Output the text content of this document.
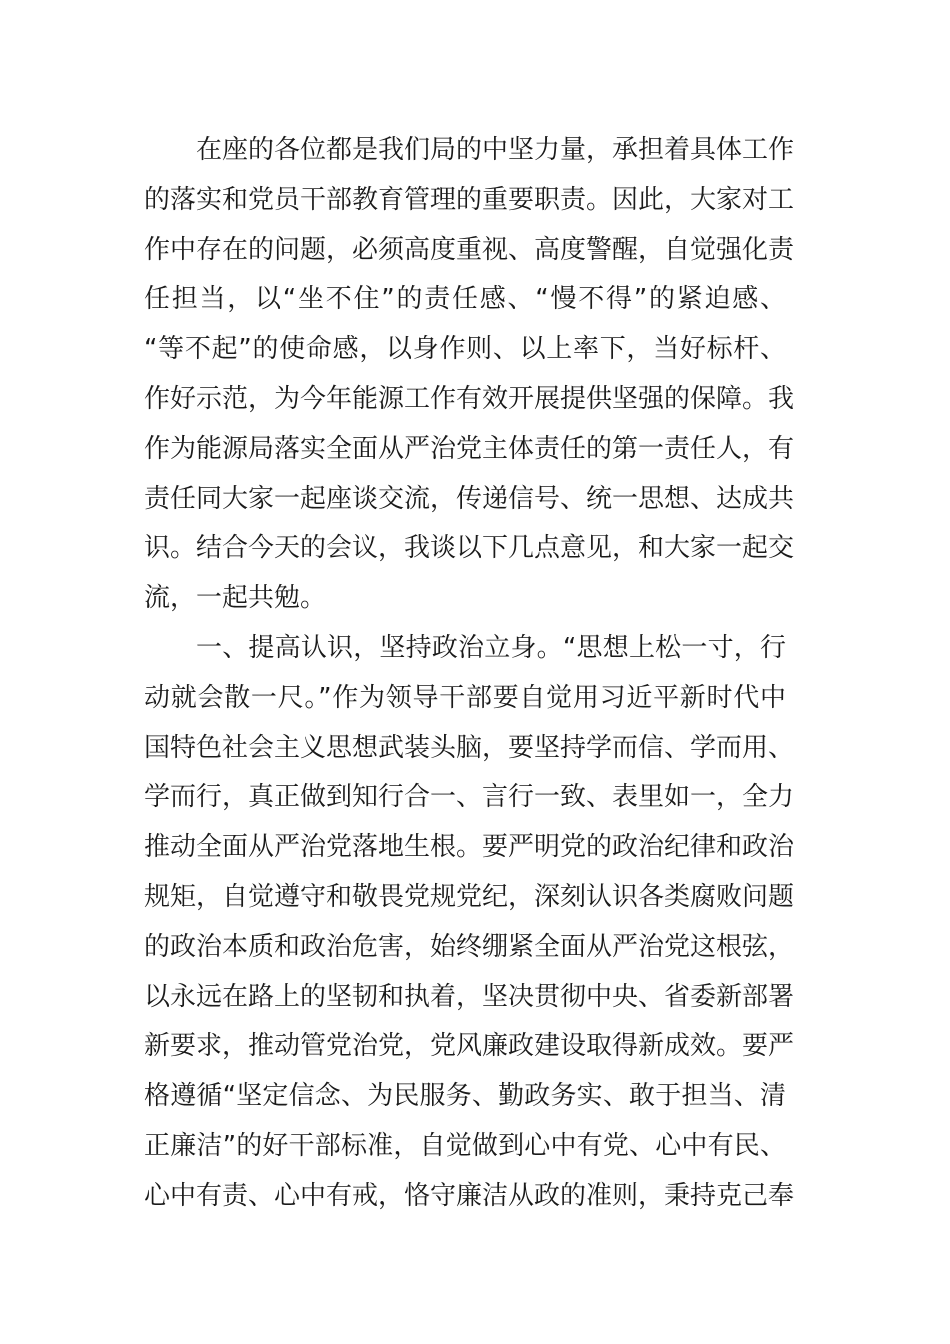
在座的各位都是我们局的中坚力量，承担着具体工作
的落实和党员干部教育管理的重要职责。因此，大家对工
作中存在的问题，必须高度重视、高度警醒，自觉强化责
任担当，以“坐不住”的责任感、“慢不得”的紧迫感、
“等不起”的使命感，以身作则、以上率下，当好标杆、
作好示范，为今年能源工作有效开展提供坚强的保障。我
作为能源局落实全面从严治党主体责任的第一责任人，有
责任同大家一起座谈交流，传递信号、统一思想、达成共
识。结合今天的会议，我谈以下几点意见，和大家一起交
流，一起共勉。
一、提高认识，坚持政治立身。“思想上松一寸，行
动就会散一尺。”作为领导干部要自觉用习近平新时代中
国特色社会主义思想武装头脑，要坚持学而信、学而用、
学而行，真正做到知行合一、言行一致、表里如一，全力
推动全面从严治党落地生根。要严明党的政治纪律和政治
规矩，自觉遵守和敬畏党规党纪，深刻认识各类腐败问题
的政治本质和政治危害，始终绷紧全面从严治党这根弦，
以永远在路上的坚韧和执着，坚决贯彻中央、省委新部署
新要求，推动管党治党，党风廉政建设取得新成效。要严
格遵循“坚定信念、为民服务、勤政务实、敢于担当、清
正廉洁”的好干部标准，自觉做到心中有党、心中有民、
心中有责、心中有戒，恪守廉洁从政的准则，秉持克己奉
